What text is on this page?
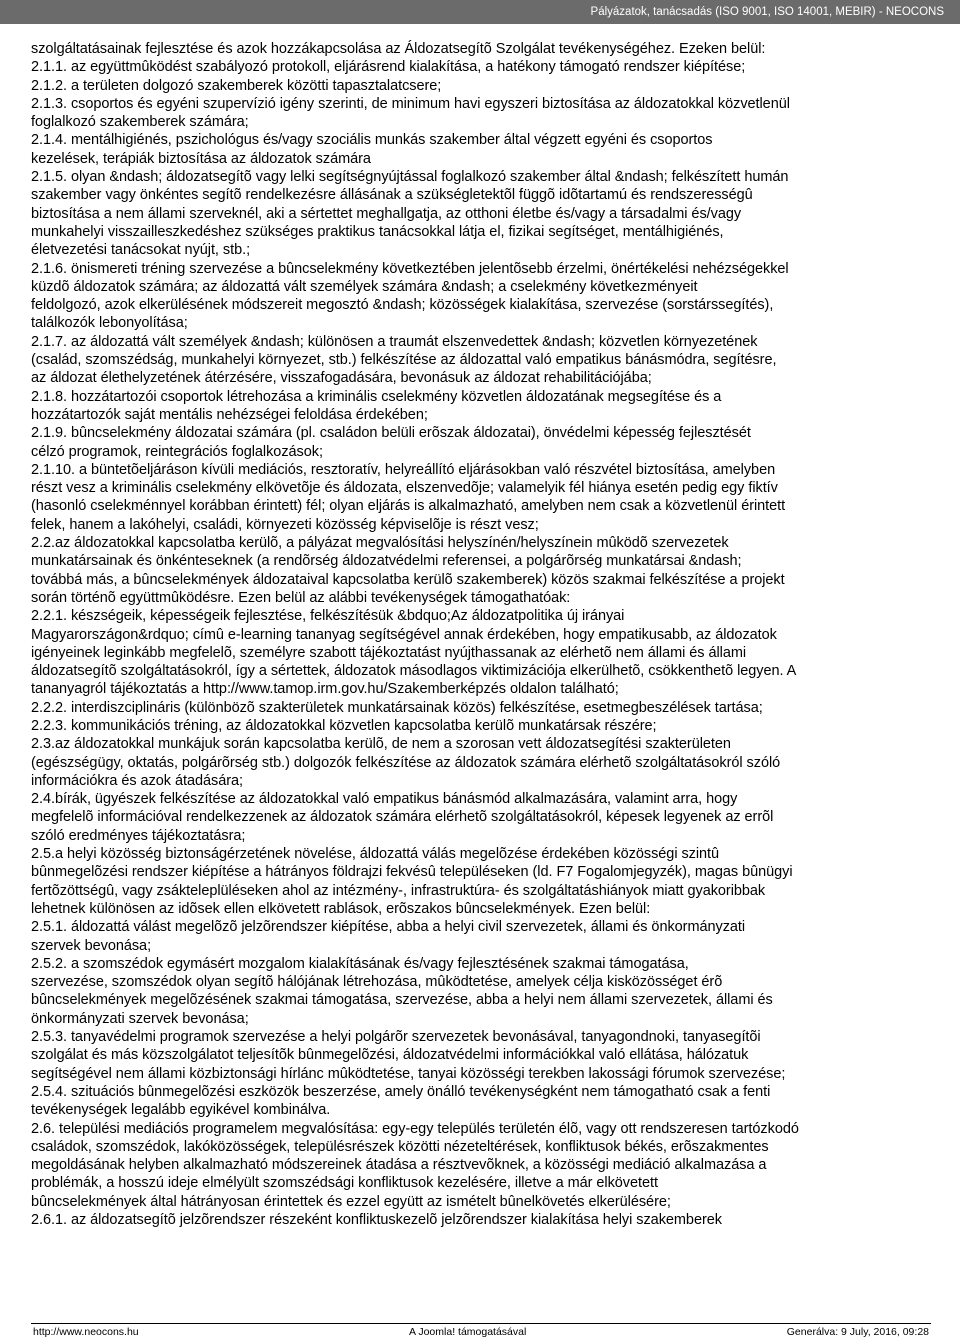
Pályázatok, tanácsadás (ISO 9001, ISO 14001, MEBIR) - NEOCONS

szolgáltatásainak fejlesztése és azok hozzákapcsolása az Áldozatsegítõ Szolgálat tevékenységéhez. Ezeken belül:

2.1.1. az együttmûködést szabályozó protokoll, eljárásrend kialakítása, a hatékony támogató rendszer kiépítése;

2.1.2. a területen dolgozó szakemberek közötti tapasztalatcsere;

2.1.3. csoportos és egyéni szupervízió igény szerinti, de minimum havi egyszeri biztosítása az áldozatokkal közvetlenül

foglalkozó szakemberek számára;

2.1.4. mentálhigiénés, pszichológus és/vagy szociális munkás szakember által végzett egyéni és csoportos

kezelések, terápiák biztosítása az áldozatok számára

2.1.5. olyan &ndash; áldozatsegítõ vagy lelki segítségnyújtással foglalkozó szakember által &ndash; felkészített humán

szakember vagy önkéntes segítõ rendelkezésre állásának a szükségletektõl függõ idõtartamú és rendszerességû

biztosítása a nem állami szerveknél, aki a sértettet meghallgatja, az otthoni életbe és/vagy a társadalmi és/vagy

munkahelyi visszailleszkedéshez szükséges praktikus tanácsokkal látja el, fizikai segítséget, mentálhigiénés,

életvezetési tanácsokat nyújt, stb.;

2.1.6. önismereti tréning szervezése a bûncselekmény következtében jelentõsebb érzelmi, önértékelési nehézségekkel

küzdõ áldozatok számára; az áldozattá vált személyek számára &ndash; a cselekmény következményeit

feldolgozó, azok elkerülésének módszereit megosztó &ndash; közösségek kialakítása, szervezése (sorstárssegítés),

találkozók lebonyolítása;

2.1.7. az áldozattá vált személyek &ndash; különösen a traumát elszenvedettek &ndash; közvetlen környezetének

(család, szomszédság, munkahelyi környezet, stb.) felkészítése az áldozattal való empatikus bánásmódra, segítésre,

az áldozat élethelyzetének átérzésére, visszafogadására, bevonásuk az áldozat rehabilitációjába;

2.1.8. hozzátartozói csoportok létrehozása a kriminális cselekmény közvetlen áldozatának megsegítése és a

hozzátartozók saját mentális nehézségei feloldása érdekében;

2.1.9. bûncselekmény áldozatai számára (pl. családon belüli erõszak áldozatai), önvédelmi képesség fejlesztését

célzó programok, reintegrációs foglalkozások;

2.1.10. a büntetõeljáráson kívüli mediációs, resztoratív, helyreállító eljárásokban való részvétel biztosítása, amelyben

részt vesz a kriminális cselekmény elkövetõje és áldozata, elszenvedõje; valamelyik fél hiánya esetén pedig egy fiktív

(hasonló cselekménnyel korábban érintett) fél; olyan eljárás is alkalmazható, amelyben nem csak a közvetlenül érintett

felek, hanem a lakóhelyi, családi, környezeti közösség képviselõje is részt vesz;

2.2.az áldozatokkal kapcsolatba kerülõ, a pályázat megvalósítási helyszínén/helyszínein mûködõ szervezetek

munkatársainak és önkénteseknek (a rendõrség áldozatvédelmi referensei, a polgárõrség munkatársai &ndash;

továbbá más, a bûncselekmények áldozataival kapcsolatba kerülõ szakemberek) közös szakmai felkészítése a projekt

során történõ együttmûködésre. Ezen belül az alábbi tevékenységek támogathatóak:

2.2.1. készségeik, képességeik fejlesztése, felkészítésük &bdquo;Az áldozatpolitika új irányai

Magyarországon&rdquo; címû e-learning tananyag segítségével annak érdekében, hogy empatikusabb, az áldozatok

igényeinek leginkább megfelelõ, személyre szabott tájékoztatást nyújthassanak az elérhetõ nem állami és állami

áldozatsegítõ szolgáltatásokról, így a sértettek, áldozatok másodlagos viktimizációja elkerülhetõ, csökkenthetõ legyen. A

tananyagról tájékoztatás a http://www.tamop.irm.gov.hu/Szakemberképzés oldalon található;

2.2.2. interdiszciplináris (különbözõ szakterületek munkatársainak közös) felkészítése, esetmegbeszélések tartása;

2.2.3. kommunikációs tréning, az áldozatokkal közvetlen kapcsolatba kerülõ munkatársak részére;

2.3.az áldozatokkal munkájuk során kapcsolatba kerülõ, de nem a szorosan vett áldozatsegítési szakterületen

(egészségügy, oktatás, polgárõrség stb.) dolgozók felkészítése az áldozatok számára elérhetõ szolgáltatásokról szóló

információkra és azok átadására;

2.4.bírák, ügyészek felkészítése az áldozatokkal való empatikus bánásmód alkalmazására, valamint arra, hogy

megfelelõ információval rendelkezzenek az áldozatok számára elérhetõ szolgáltatásokról, képesek legyenek az errõl

szóló eredményes tájékoztatásra;

2.5.a helyi közösség biztonságérzetének növelése, áldozattá válás megelõzése érdekében közösségi szintû

bûnmegelõzési rendszer kiépítése a hátrányos földrajzi fekvésû településeken (ld. F7 Fogalomjegyzék), magas bûnügyi

fertõzöttségû, vagy zsákteleplüléseken ahol az intézmény-, infrastruktúra- és szolgáltatáshiányok miatt gyakoribbak

lehetnek különösen az idõsek ellen elkövetett rablások, erõszakos bûncselekmények. Ezen belül:

2.5.1. áldozattá válást megelõzõ jelzõrendszer kiépítése, abba a helyi civil szervezetek, állami és önkormányzati

szervek bevonása;

2.5.2. a szomszédok egymásért mozgalom kialakításának és/vagy fejlesztésének szakmai támogatása,

szervezése, szomszédok olyan segítõ hálójának létrehozása, mûködtetése, amelyek célja kisközösséget érõ

bûncselekmények megelõzésének szakmai támogatása, szervezése, abba a helyi nem állami szervezetek, állami és

önkormányzati szervek bevonása;

2.5.3. tanyavédelmi programok szervezése a helyi polgárõr szervezetek bevonásával, tanyagondnoki, tanyasegítõi

szolgálat és más közszolgálatot teljesítõk bûnmegelõzési, áldozatvédelmi információkkal való ellátása, hálózatuk

segítségével nem állami közbiztonsági hírlánc mûködtetése, tanyai közösségi terekben lakossági fórumok szervezése;

2.5.4. szituációs bûnmegelõzési eszközök beszerzése, amely önálló tevékenységként nem támogatható csak a fenti

tevékenységek legalább egyikével kombinálva.

2.6. települési mediációs programelem megvalósítása: egy-egy település területén élõ, vagy ott rendszeresen tartózkodó

családok, szomszédok, lakóközösségek, településrészek közötti nézeteltérések, konfliktusok békés, erõszakmentes

megoldásának helyben alkalmazható módszereinek átadása a résztvevõknek, a közösségi mediáció alkalmazása a

problémák, a hosszú ideje elmélyült szomszédsági konfliktusok kezelésére, illetve a már elkövetett

bûncselekmények által hátrányosan érintettek és ezzel együtt az ismételt bûnelkövetés elkerülésére;

2.6.1. az áldozatsegítõ jelzõrendszer részeként konfliktuskezelõ jelzõrendszer kialakítása helyi szakemberek

http://www.neocons.hu	A Joomla! támogatásával	Generálva: 9 July, 2016, 09:28
